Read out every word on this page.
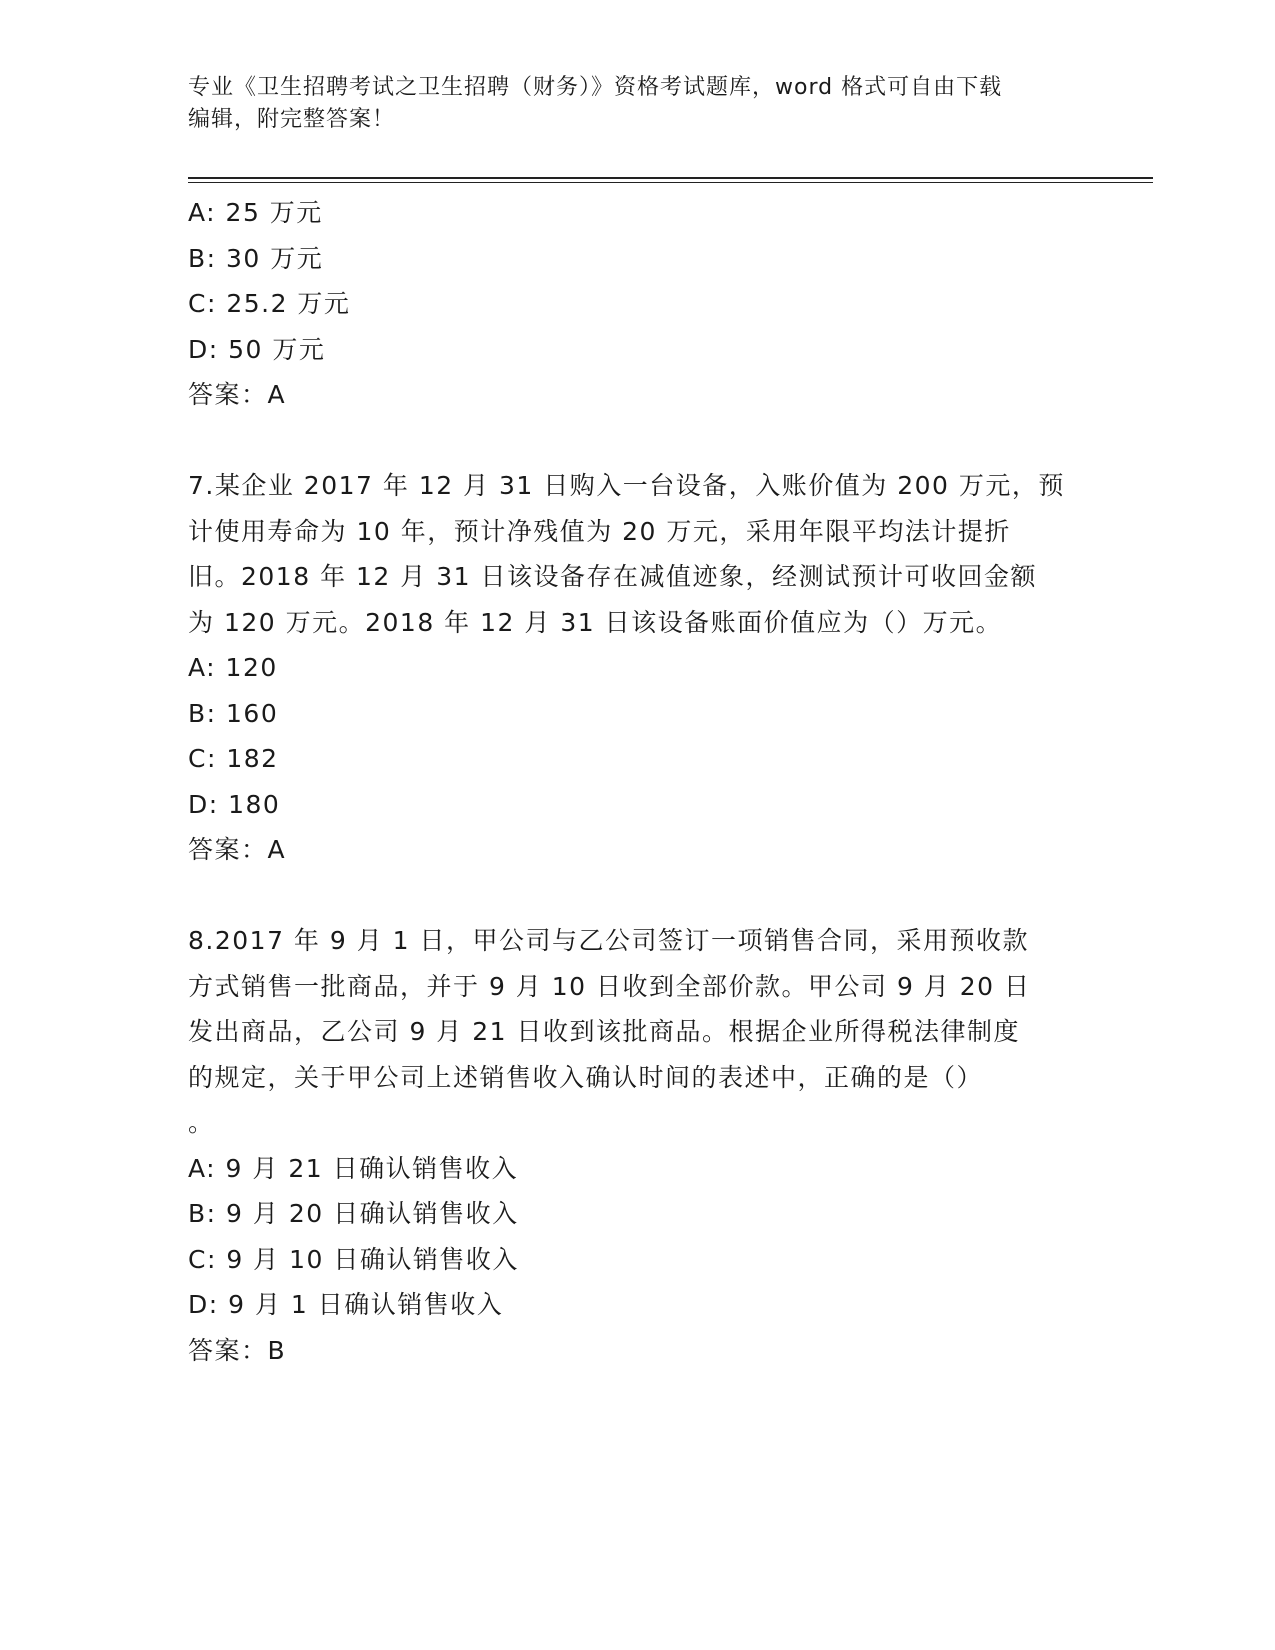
专业《卫生招聘考试之卫生招聘（财务）》资格考试题库，word 格式可自由下载
编辑，附完整答案！
A: 25 万元
B: 30 万元
C: 25.2 万元
D: 50 万元
答案：A
7.某企业 2017 年 12 月 31 日购入一台设备，入账价值为 200 万元，预
计使用寿命为 10 年，预计净残值为 20 万元，采用年限平均法计提折
旧。2018 年 12 月 31 日该设备存在减值迹象，经测试预计可收回金额
为 120 万元。2018 年 12 月 31 日该设备账面价值应为（）万元。
A: 120
B: 160
C: 182
D: 180
答案：A
8.2017 年 9 月 1 日，甲公司与乙公司签订一项销售合同，采用预收款
方式销售一批商品，并于 9 月 10 日收到全部价款。甲公司 9 月 20 日
发出商品，乙公司 9 月 21 日收到该批商品。根据企业所得税法律制度
的规定，关于甲公司上述销售收入确认时间的表述中，正确的是（）
。
A: 9 月 21 日确认销售收入
B: 9 月 20 日确认销售收入
C: 9 月 10 日确认销售收入
D: 9 月 1 日确认销售收入
答案：B
